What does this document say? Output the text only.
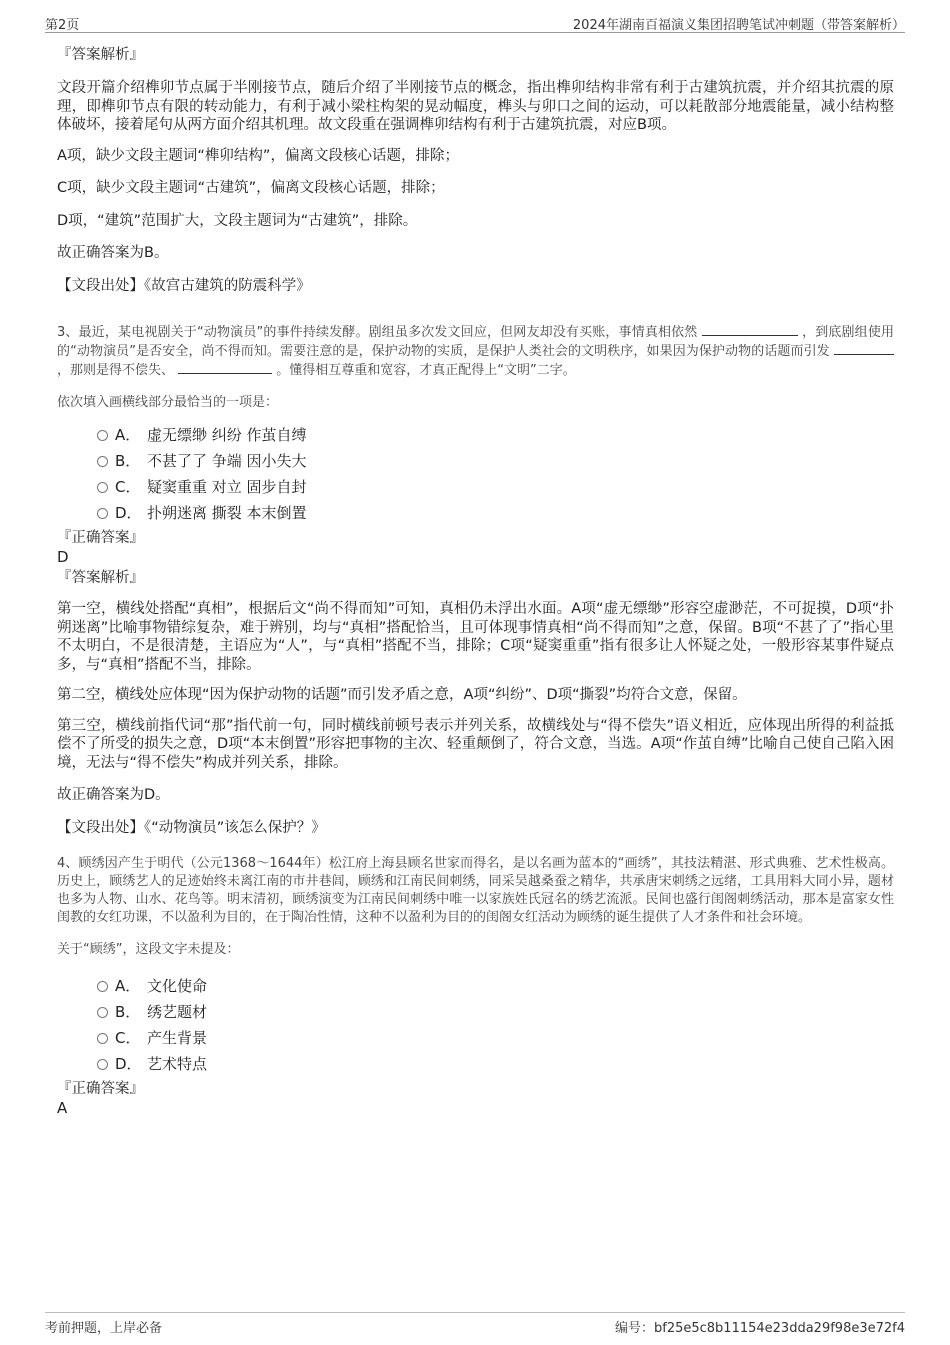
第2页	2024年湖南百福演义集团招聘笔试冲刺题（带答案解析）

『答案解析』

文段开篇介绍榫卯节点属于半刚接节点，随后介绍了半刚接节点的概念，指出榫卯结构非常有利于古建筑抗震，并介绍其抗震的原理，即榫卯节点有限的转动能力，有利于减小梁柱构架的晃动幅度，榫头与卯口之间的运动，可以耗散部分地震能量，减小结构整体破坏，接着尾句从两方面介绍其机理。故文段重在强调榫卯结构有利于古建筑抗震，对应B项。

A项，缺少文段主题词“榫卯结构”，偏离文段核心话题，排除；

C项，缺少文段主题词“古建筑”，偏离文段核心话题，排除；

D项，“建筑”范围扩大，文段主题词为“古建筑”，排除。

故正确答案为B。

【文段出处】《故宫古建筑的防震科学》

3、最近，某电视剧关于“动物演员”的事件持续发酵。剧组虽多次发文回应，但网友却没有买账，事情真相依然	，到底剧组使用的“动物演员”是否安全，尚不得而知。需要注意的是，保护动物的实质，是保护人类社会的文明秩序，如果因为保护动物的话题而引发  ，那则是得不偿失、	。懂得相互尊重和宽容，才真正配得上“文明”二字。

依次填入画横线部分最恰当的一项是：

A． 虚无缥缈 纠纷 作茧自缚
B． 不甚了了 争端 因小失大
C． 疑窦重重 对立 固步自封
D． 扑朔迷离 撕裂 本末倒置

『正确答案』

D

『答案解析』

第一空，横线处搭配“真相”，根据后文“尚不得而知”可知，真相仍未浮出水面。A项“虚无缥缈”形容空虚渺茫，不可捉摸，D项“扑朔迷离”比喻事物错综复杂，难于辨别，均与“真相”搭配恰当，且可体现事情真相“尚不得而知”之意，保留。B项“不甚了了”指心里不太明白，不是很清楚，主语应为“人”，与“真相”搭配不当，排除；C项“疑窦重重”指有很多让人怀疑之处，一般形容某事件疑点多，与“真相”搭配不当，排除。

第二空，横线处应体现“因为保护动物的话题”而引发矛盾之意，A项“纠纷”、D项“撕裂”均符合文意，保留。

第三空，横线前指代词“那”指代前一句，同时横线前顿号表示并列关系，故横线处与“得不偿失”语义相近，应体现出所得的利益抵偿不了所受的损失之意，D项“本末倒置”形容把事物的主次、轻重颠倒了，符合文意，当选。A项“作茧自缚”比喻自己使自己陷入困境，无法与“得不偿失”构成并列关系，排除。

故正确答案为D。

【文段出处】《“动物演员”该怎么保护？》

4、顾绣因产生于明代（公元1368～1644年）松江府上海县顾名世家而得名，是以名画为蓝本的“画绣”，其技法精湛、形式典雅、艺术性极高。历史上，顾绣艺人的足迹始终未离江南的市井巷闾，顾绣和江南民间刺绣，同采吴越桑蚕之精华，共承唐宋刺绣之远绪，工具用料大同小异，题材也多为人物、山水、花鸟等。明末清初，顾绣演变为江南民间刺绣中唯一以家族姓氏冠名的绣艺流派。民间也盛行闺阁刺绣活动，那本是富家女性闺教的女红功课，不以盈利为目的，在于陶冶性情，这种不以盈利为目的的闺阁女红活动为顾绣的诞生提供了人才条件和社会环境。

关于“顾绣”，这段文字未提及：

A． 文化使命
B． 绣艺题材
C． 产生背景
D． 艺术特点

『正确答案』

A

考前押题，上岸必备	编号：bf25e5c8b11154e23dda29f98e3e72f4
